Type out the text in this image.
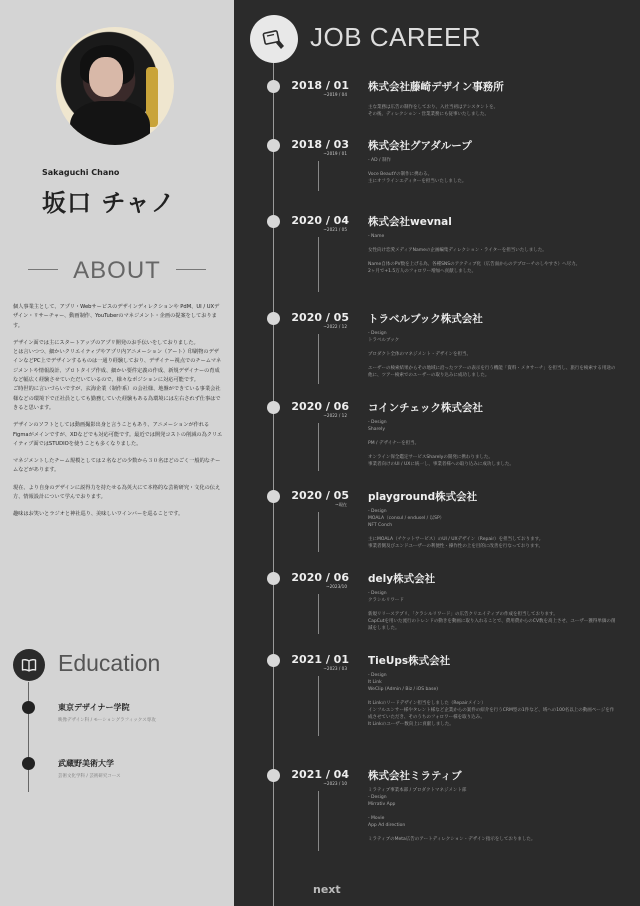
Sakaguchi Chano
坂口 チャノ
ABOUT

個人事業主として、アプリ・Webサービスのデザインディレクションや PdM、UI / UXデザイン・リサーチャー、動画制作、YouTuberのマネジメント・企画の提案をしております。

デザイン面では主にスタートアップのアプリ開発のお手伝いをしておりました。
とは言いつつ、細かいクリエイティブやアプリ内アニメーション（アート）印刷物のデザインなどPC上でデザインするものは一通り経験しており、デザイナー視点でのチームマネジメントや情報設計、プロトタイプ作成、細かい要件定義の作成、新規デザイナーの育成など幅広く経験させていただいているので、様々なポジションに対応可能です。
ご時世的に言いづらいですが、玄海企業（制作系）の会社様、地盤ができている事業会社様などの環境下で正社員としても勤務していた経験もある為環境には左右されず仕事はできると思います。

デザインのソフトとしては動画撮影出身と言うこともあり、アニメーションが作れるFigmaがメインですが、XDなどでも対応可能です。最近では開発コストの削減の為クリエイティブ面ではSTUDIOを使うことも多くなりました。

マネジメントしたチーム規模としては２名などの少数から３０名ほどのごく一般的なチームなどがあります。

現在、より自身のデザインに説得力を持たせる為英大にて本格的な芸術研究・文化の伝え方、情報設計について学んでおります。

趣味はお笑いとラジオと神社巡り、美味しいワインバーを巡ることです。

Education
東京デザイナー学院
映像デザイン科 / モーショングラフィックス専攻
武蔵野美術大学
芸術文化学科 / 芸術研究コース
JOB CAREER
2018 / 01
~2019 / 04
株式会社藤崎デザイン事務所
主な業務は広告の制作をしており、入社当初はアシスタントを。
その後、ディレクション・営業業務にも従事いたしました。
2018 / 03
~2019 / 01
株式会社グアダループ
- AD / 制作

Voce BeautYの制作に携わる。
主にオフラインエディターを担当いたしました。
2020 / 04
~2021 / 05
株式会社wevnal
- Name

女性向け恋愛メディアNameの企画編集ディレクション・ライターを担当いたしました。

Name自体のPV数を上げる為、各種SNSのアクティブ化（広告面からのアプローチのしやすさ）へ尽力。
2ヶ月で+1.5万人のフォロワー増加へ貢献しました。
2020 / 05
~2022 / 12
トラベルブック株式会社
- Design
トラベルブック

プロダクト全体のマネジメント・デザインを担当。

ユーザーの検索結果からその地域に沿ったツアーの表示を行う機能「資料・メタサーチ」を担当し、旅行を検索する用途の他に、ツアー検索でのユーザーの取り込みに成功しました。
2020 / 06
~2022 / 12
コインチェック株式会社
- Design
ShareIy

PM / デザイナーを担当。

オンライン保全鑑定サービスShareIyの開発に携わりました。
事業者向けのUI / UXに統一し、事業者様への取り込みに成功しました。
2020 / 05
~現在
playground株式会社
- Design
MOALA（consul / endusel / 以SP）
NFT Conch

主にMOALA（チケットサービス）のUI / UXデザイン（Repair）を担当しております。
事業者側及びエンドユーザーの利便性・操作性の上を目的に改善を行なっております。
2020 / 06
~2023/10
dely株式会社
- Design
クラシルリワード

新規リリースアプリ、「クラシルリワード」の広告クリエイティブの作成を担当しております。
CapCutを用いた流行のトレンドの動きを動画に取り入れることで、費用費からのCV数を高上させ、ユーザー獲得単価の削減をしました。
2021 / 01
~2023 / 03
TieUps株式会社
- Design
It Link
WeClip (Admin / Biz / iOS base)

It Linkのリードデザイン担当をしました（Repairメイン）
インフルエンサー様やタレント様など企業からの案件の紹介を行うCRM型の1件など、域への100名以上の動画ページを作成させていただき、そのうちのフォロワー様を取り込み。
It Linkのユーザー数向上に貢献しました。
2021 / 04
~2023 / 10
株式会社ミラティブ
ミラティブ事業本部 / プロダクトマネジメント部
- Design
Mirrativ App

- Movie
App Ad direction

ミラティブのMeta広告のアートディレクション・デザイン指示をしておりました。
next
